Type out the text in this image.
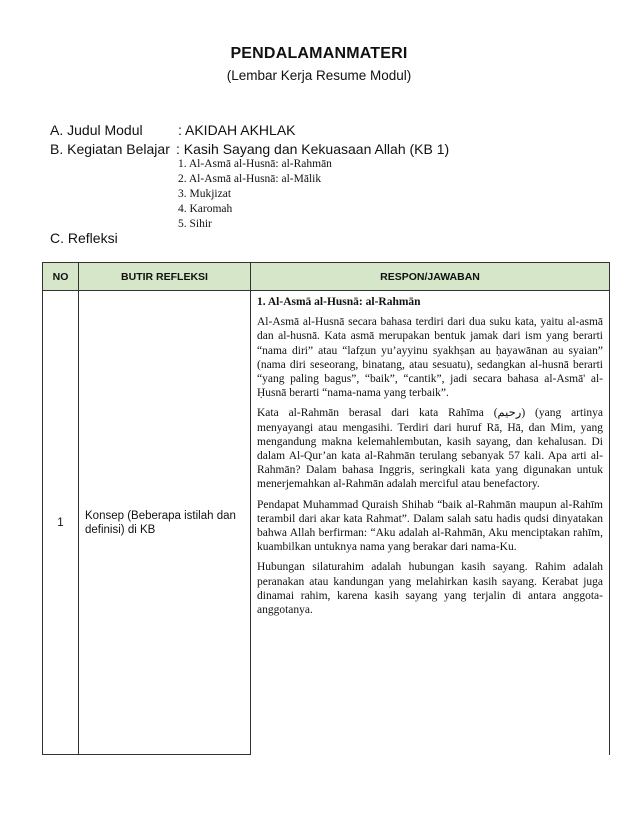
PENDALAMANMATERI
(Lembar Kerja Resume Modul)
A. Judul Modul	: AKIDAH AKHLAK
B. Kegiatan Belajar : Kasih Sayang dan Kekuasaan Allah (KB 1)
1. Al-Asmā al-Husnā: al-Rahmān
2. Al-Asmā al-Husnā: al-Mālik
3. Mukjizat
4. Karomah
5. Sihir
C. Refleksi
NO	BUTIR REFLEKSI	RESPON/JAWABAN
1	Konsep (Beberapa istilah dan definisi) di KB	1. Al-Asmā al-Husnā: al-Rahmān

Al-Asmā al-Husnā secara bahasa terdiri dari dua suku kata, yaitu al-asmā dan al-husnā. Kata asmā merupakan bentuk jamak dari ism yang berarti “nama diri” atau “lafẓun yu’ayyinu syakhṣan au ḥayawānan au syaian” (nama diri seseorang, binatang, atau sesuatu), sedangkan al-husnā berarti “yang paling bagus”, “baik”, “cantik”, jadi secara bahasa al-Asmā' al-Ḥusnā berarti “nama-nama yang terbaik”.

Kata al-Rahmān berasal dari kata Rahīma (رحيم) (yang artinya menyayangi atau mengasihi. Terdiri dari huruf Rā, Hā, dan Mim, yang mengandung makna kelemahlembutan, kasih sayang, dan kehalusan. Di dalam Al-Qur’an kata al-Rahmān terulang sebanyak 57 kali. Apa arti al-Rahmān? Dalam bahasa Inggris, seringkali kata yang digunakan untuk menerjemahkan al-Rahmān adalah merciful atau benefactory.

Pendapat Muhammad Quraish Shihab “baik al-Rahmān maupun al-Rahīm terambil dari akar kata Rahmat”. Dalam salah satu hadis qudsi dinyatakan bahwa Allah berfirman: “Aku adalah al-Rahmān, Aku menciptakan rahīm, kuambilkan untuknya nama yang berakar dari nama-Ku.

Hubungan silaturahim adalah hubungan kasih sayang. Rahim adalah peranakan atau kandungan yang melahirkan kasih sayang. Kerabat juga dinamai rahim, karena kasih sayang yang terjalin di antara anggota-anggotanya.
